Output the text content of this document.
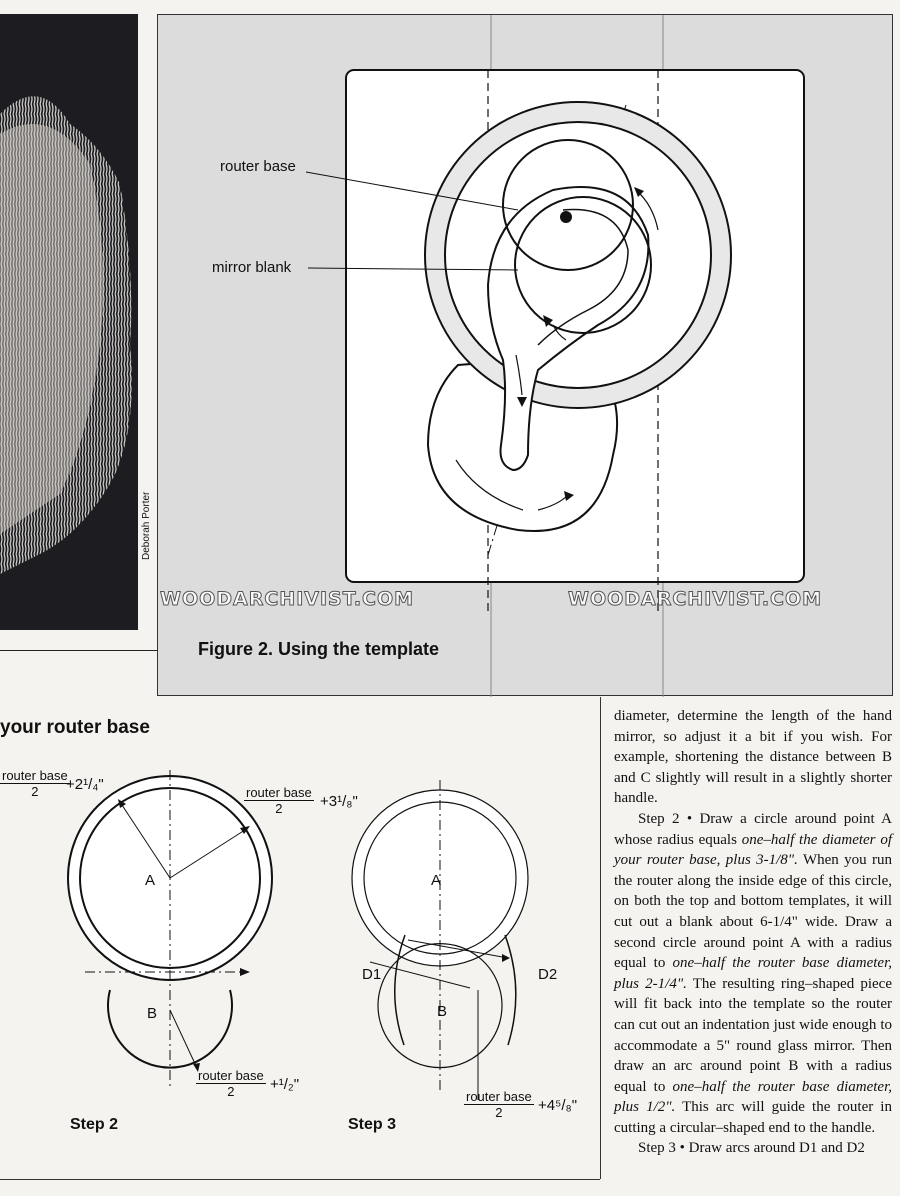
Deborah Porter
router base
mirror blank
Figure 2. Using the template
WOODARCHIVIST.COM	WOODARCHIVIST.COM
your router base
A
B
router base
2	+2¹/₄"	router base
2	+3¹/₈"
router base
2	+¹/₂"
Step 2
A
B
D1	D2
router base
2	+4⁵/₈"
Step 3

diameter, determine the length of the hand mirror, so adjust it a bit if you wish. For example, shortening the distance between B and C slightly will result in a slightly shorter handle.

Step 2 • Draw a circle around point A whose radius equals one–half the diameter of your router base, plus 3-1/8". When you run the router along the inside edge of this circle, on both the top and bottom templates, it will cut out a blank about 6-1/4" wide. Draw a second circle around point A with a radius equal to one–half the router base diameter, plus 2-1/4". The resulting ring–shaped piece will fit back into the template so the router can cut out an indentation just wide enough to accommodate a 5" round glass mirror. Then draw an arc around point B with a radius equal to one–half the router base diameter, plus 1/2". This arc will guide the router in cutting a circular–shaped end to the handle.

Step 3 • Draw arcs around D1 and D2
